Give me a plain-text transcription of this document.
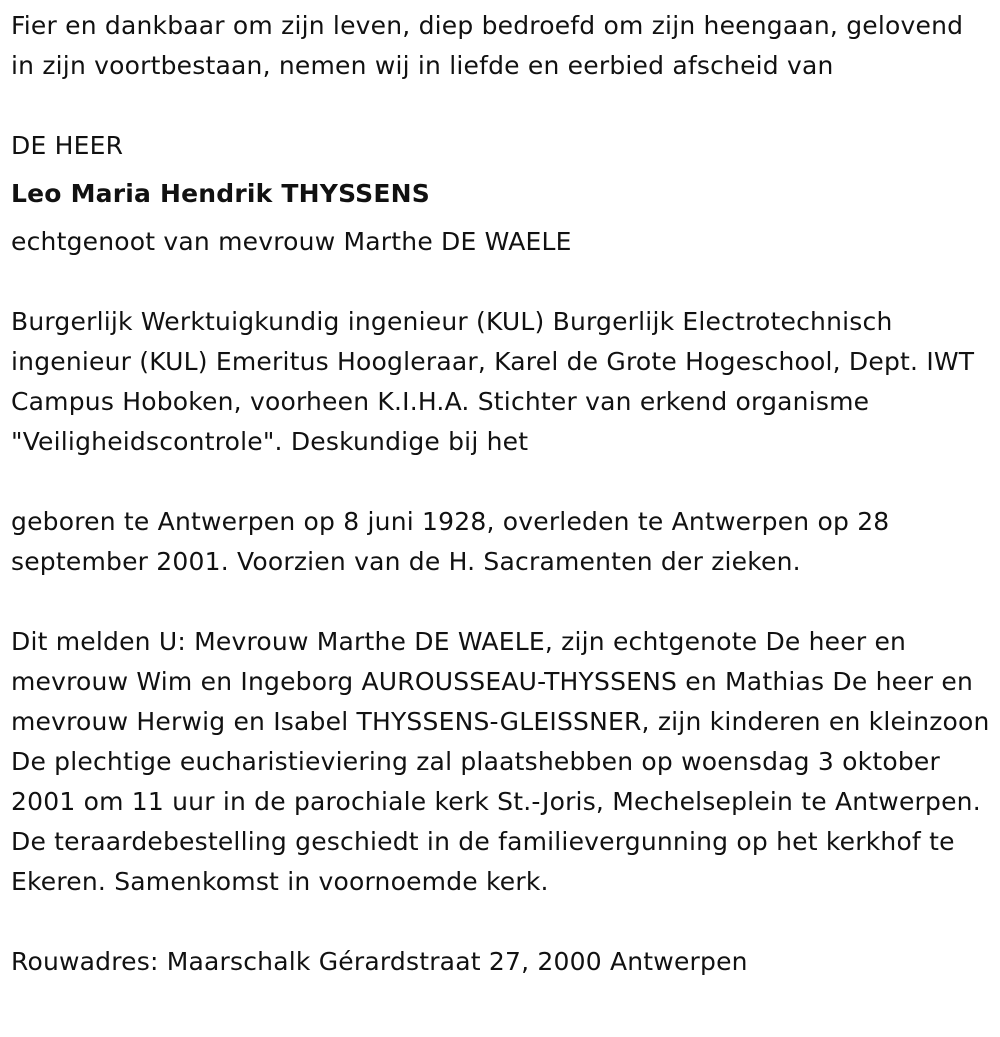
Fier en dankbaar om zijn leven, diep bedroefd om zijn heengaan, gelovend in zijn voortbestaan, nemen wij in liefde en eerbied afscheid van

DE HEER

Leo Maria Hendrik THYSSENS

echtgenoot van mevrouw Marthe DE WAELE

Burgerlijk Werktuigkundig ingenieur (KUL) Burgerlijk Electrotechnisch ingenieur (KUL) Emeritus Hoogleraar, Karel de Grote Hogeschool, Dept. IWT Campus Hoboken, voorheen K.I.H.A. Stichter van erkend organisme "Veiligheidscontrole". Deskundige bij het

geboren te Antwerpen op 8 juni 1928, overleden te Antwerpen op 28 september 2001. Voorzien van de H. Sacramenten der zieken.

Dit melden U: Mevrouw Marthe DE WAELE, zijn echtgenote De heer en mevrouw Wim en Ingeborg AUROUSSEAU-THYSSENS en Mathias De heer en mevrouw Herwig en Isabel THYSSENS-GLEISSNER, zijn kinderen en kleinzoon De plechtige eucharistieviering zal plaatshebben op woensdag 3 oktober 2001 om 11 uur in de parochiale kerk St.-Joris, Mechelseplein te Antwerpen. De teraardebestelling geschiedt in de familievergunning op het kerkhof te Ekeren. Samenkomst in voornoemde kerk.

Rouwadres: Maarschalk Gérardstraat 27, 2000 Antwerpen
